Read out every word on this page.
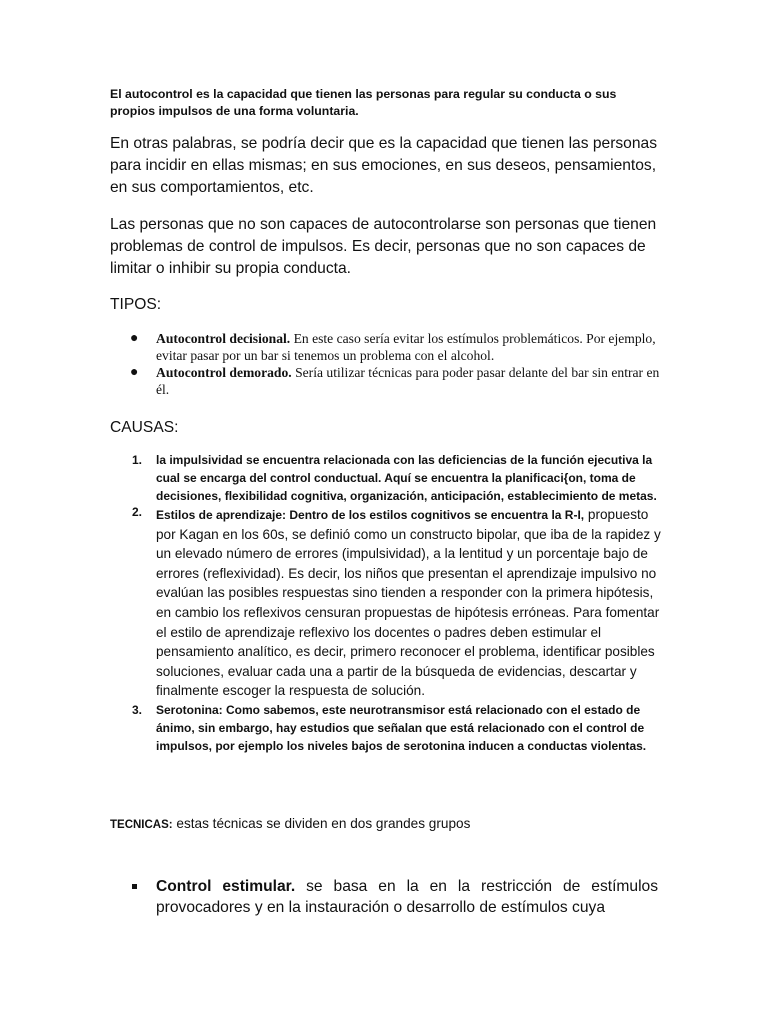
El autocontrol es la capacidad que tienen las personas para regular su conducta o sus propios impulsos de una forma voluntaria.
En otras palabras, se podría decir que es la capacidad que tienen las personas para incidir en ellas mismas; en sus emociones, en sus deseos, pensamientos, en sus comportamientos, etc.
Las personas que no son capaces de autocontrolarse son personas que tienen problemas de control de impulsos. Es decir, personas que no son capaces de limitar o inhibir su propia conducta.
TIPOS:
● Autocontrol decisional. En este caso sería evitar los estímulos problemáticos. Por ejemplo, evitar pasar por un bar si tenemos un problema con el alcohol.
● Autocontrol demorado. Sería utilizar técnicas para poder pasar delante del bar sin entrar en él.
CAUSAS:
1. la impulsividad se encuentra relacionada con las deficiencias de la función ejecutiva la cual se encarga del control conductual. Aquí se encuentra la planificaci{on, toma de decisiones, flexibilidad cognitiva, organización, anticipación, establecimiento de metas.
2. Estilos de aprendizaje: Dentro de los estilos cognitivos se encuentra la R-I, propuesto por Kagan en los 60s, se definió como un constructo bipolar, que iba de la rapidez y un elevado número de errores (impulsividad), a la lentitud y un porcentaje bajo de errores (reflexividad). Es decir, los niños que presentan el aprendizaje impulsivo no evalúan las posibles respuestas sino tienden a responder con la primera hipótesis, en cambio los reflexivos censuran propuestas de hipótesis erróneas. Para fomentar el estilo de aprendizaje reflexivo los docentes o padres deben estimular el pensamiento analítico, es decir, primero reconocer el problema, identificar posibles soluciones, evaluar cada una a partir de la búsqueda de evidencias, descartar y finalmente escoger la respuesta de solución.
3. Serotonina: Como sabemos, este neurotransmisor está relacionado con el estado de ánimo, sin embargo, hay estudios que señalan que está relacionado con el control de impulsos, por ejemplo los niveles bajos de serotonina inducen a conductas violentas.
TECNICAS: estas técnicas se dividen en dos grandes grupos
Control estimular. se basa en la en la restricción de estímulos provocadores y en la instauración o desarrollo de estímulos cuya
